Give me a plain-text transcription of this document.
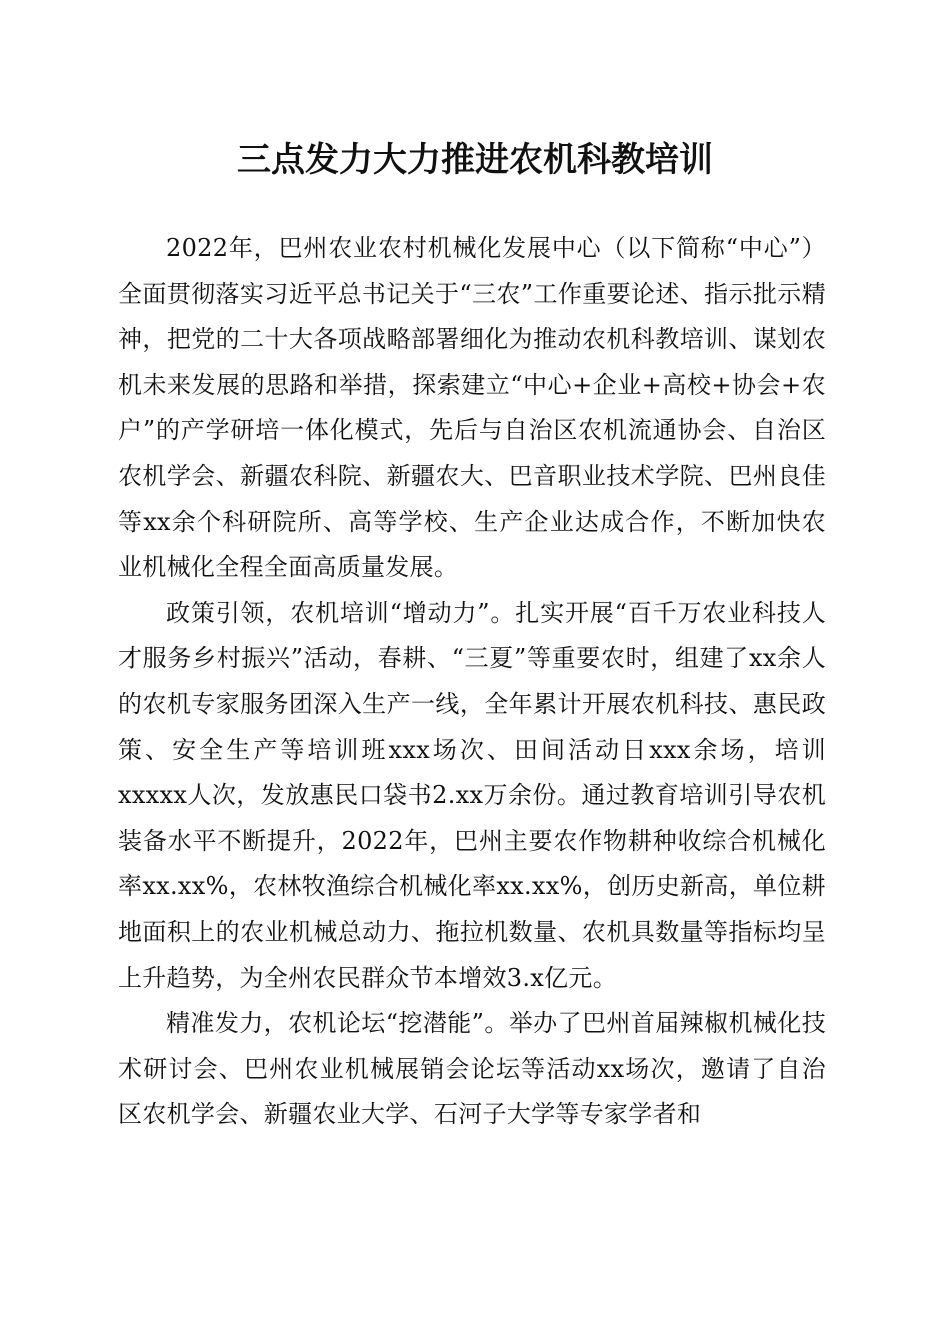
三点发力大力推进农机科教培训

2022年，巴州农业农村机械化发展中心（以下简称“中心”）全面贯彻落实习近平总书记关于“三农”工作重要论述、指示批示精神，把党的二十大各项战略部署细化为推动农机科教培训、谋划农机未来发展的思路和举措，探索建立“中心+企业+高校+协会+农户”的产学研培一体化模式，先后与自治区农机流通协会、自治区农机学会、新疆农科院、新疆农大、巴音职业技术学院、巴州良佳等xx余个科研院所、高等学校、生产企业达成合作，不断加快农业机械化全程全面高质量发展。

政策引领，农机培训“增动力”。扎实开展“百千万农业科技人才服务乡村振兴”活动，春耕、“三夏”等重要农时，组建了xx余人的农机专家服务团深入生产一线，全年累计开展农机科技、惠民政策、安全生产等培训班xxx场次、田间活动日xxx余场，培训xxxxx人次，发放惠民口袋书2.xx万余份。通过教育培训引导农机装备水平不断提升，2022年，巴州主要农作物耕种收综合机械化率xx.xx%，农林牧渔综合机械化率xx.xx%，创历史新高，单位耕地面积上的农业机械总动力、拖拉机数量、农机具数量等指标均呈上升趋势，为全州农民群众节本增效3.x亿元。

精准发力，农机论坛“挖潜能”。举办了巴州首届辣椒机械化技术研讨会、巴州农业机械展销会论坛等活动xx场次，邀请了自治区农机学会、新疆农业大学、石河子大学等专家学者和
